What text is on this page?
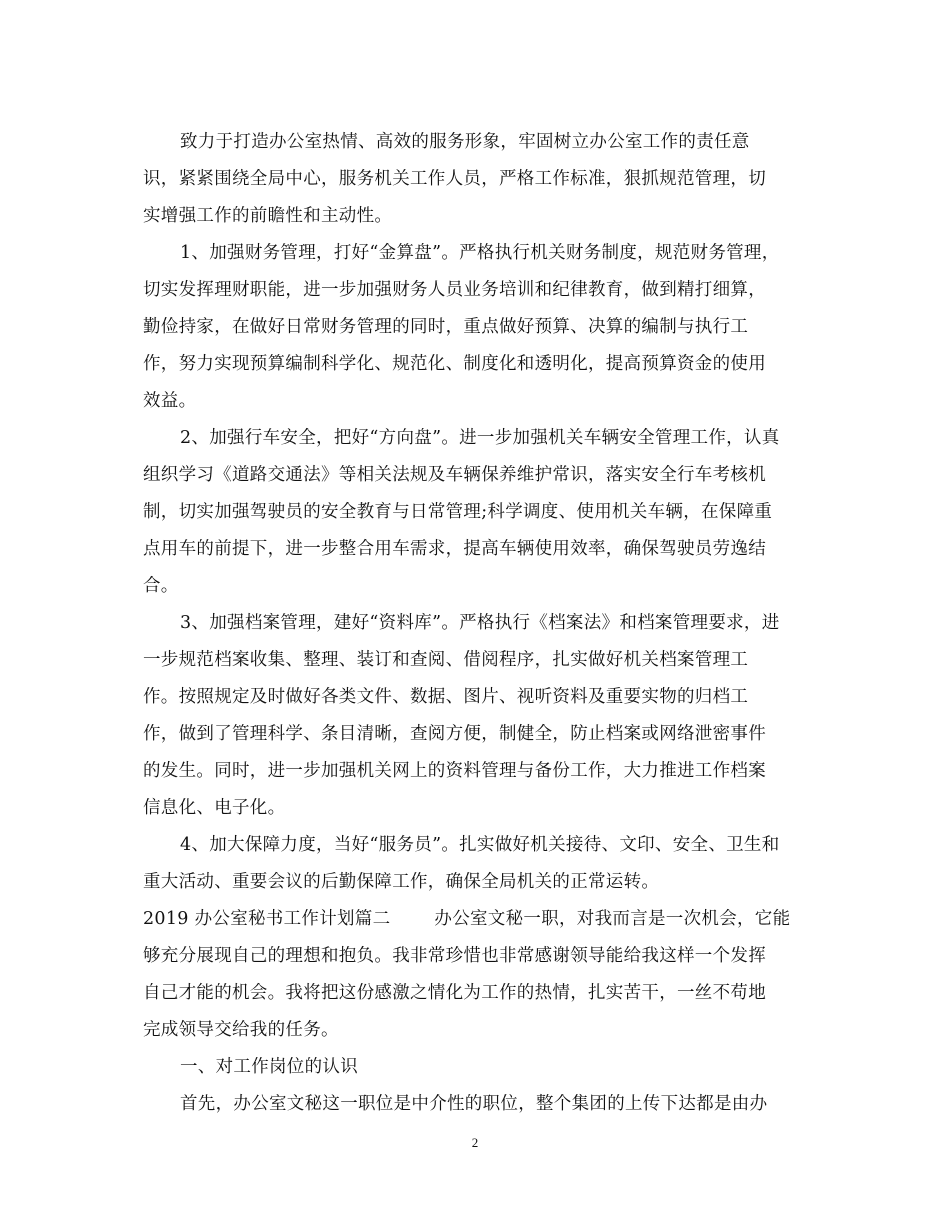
致力于打造办公室热情、高效的服务形象，牢固树立办公室工作的责任意
识，紧紧围绕全局中心，服务机关工作人员，严格工作标准，狠抓规范管理，切
实增强工作的前瞻性和主动性。
1、加强财务管理，打好“金算盘”。严格执行机关财务制度，规范财务管理，
切实发挥理财职能，进一步加强财务人员业务培训和纪律教育，做到精打细算，
勤俭持家，在做好日常财务管理的同时，重点做好预算、决算的编制与执行工
作，努力实现预算编制科学化、规范化、制度化和透明化，提高预算资金的使用
效益。
2、加强行车安全，把好“方向盘”。进一步加强机关车辆安全管理工作，认真
组织学习《道路交通法》等相关法规及车辆保养维护常识，落实安全行车考核机
制，切实加强驾驶员的安全教育与日常管理;科学调度、使用机关车辆，在保障重
点用车的前提下，进一步整合用车需求，提高车辆使用效率，确保驾驶员劳逸结
合。
3、加强档案管理，建好“资料库”。严格执行《档案法》和档案管理要求，进
一步规范档案收集、整理、装订和查阅、借阅程序，扎实做好机关档案管理工
作。按照规定及时做好各类文件、数据、图片、视听资料及重要实物的归档工
作，做到了管理科学、条目清晰，查阅方便，制健全，防止档案或网络泄密事件
的发生。同时，进一步加强机关网上的资料管理与备份工作，大力推进工作档案
信息化、电子化。
4、加大保障力度，当好“服务员”。扎实做好机关接待、文印、安全、卫生和
重大活动、重要会议的后勤保障工作，确保全局机关的正常运转。
2019 办公室秘书工作计划篇二	办公室文秘一职，对我而言是一次机会，它能
够充分展现自己的理想和抱负。我非常珍惜也非常感谢领导能给我这样一个发挥
自己才能的机会。我将把这份感激之情化为工作的热情，扎实苦干，一丝不苟地
完成领导交给我的任务。
一、对工作岗位的认识
首先，办公室文秘这一职位是中介性的职位，整个集团的上传下达都是由办
2
